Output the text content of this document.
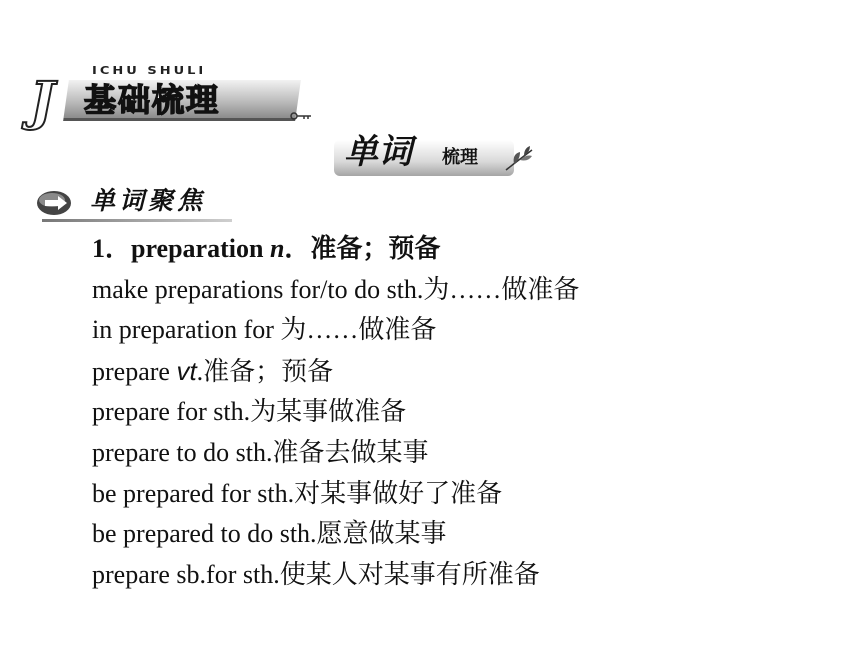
ICHU SHULI
J 基础梳理
单词 梳理
单词聚焦
1．preparation n．准备；预备
make preparations for/to do sth.为……做准备
in preparation for 为……做准备
prepare vt.准备；预备
prepare for sth.为某事做准备
prepare to do sth.准备去做某事
be prepared for sth.对某事做好了准备
be prepared to do sth.愿意做某事
prepare sb.for sth.使某人对某事有所准备
